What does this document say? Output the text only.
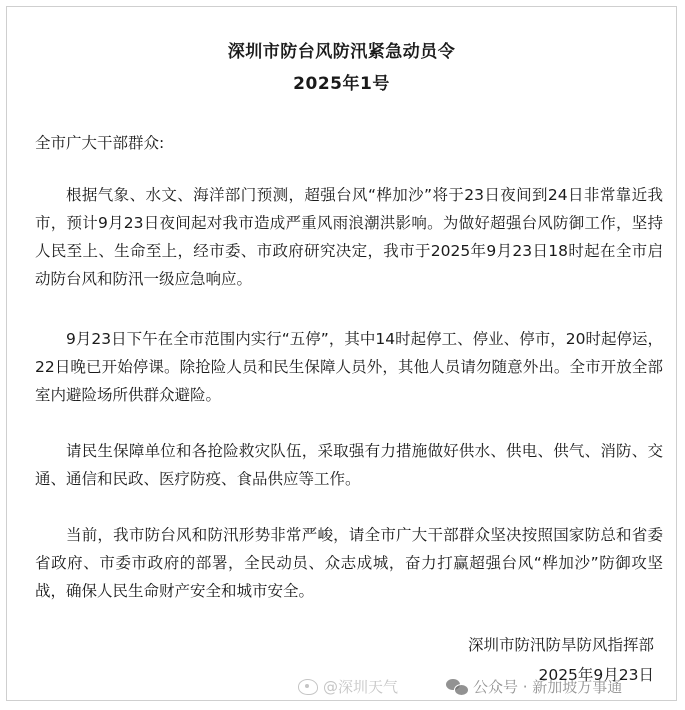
深圳市防台风防汛紧急动员令
2025年1号
全市广大干部群众:

根据气象、水文、海洋部门预测，超强台风“桦加沙”将于23日夜间到24日非常靠近我市，预计9月23日夜间起对我市造成严重风雨浪潮洪影响。为做好超强台风防御工作，坚持人民至上、生命至上，经市委、市政府研究决定，我市于2025年9月23日18时起在全市启动防台风和防汛一级应急响应。

9月23日下午在全市范围内实行“五停”，其中14时起停工、停业、停市，20时起停运，22日晚已开始停课。除抢险人员和民生保障人员外，其他人员请勿随意外出。全市开放全部室内避险场所供群众避险。

请民生保障单位和各抢险救灾队伍，采取强有力措施做好供水、供电、供气、消防、交通、通信和民政、医疗防疫、食品供应等工作。

当前，我市防台风和防汛形势非常严峻，请全市广大干部群众坚决按照国家防总和省委省政府、市委市政府的部署，全民动员、众志成城，奋力打赢超强台风“桦加沙”防御攻坚战，确保人民生命财产安全和城市安全。

深圳市防汛防旱防风指挥部
2025年9月23日
@深圳天气	公众号 · 新加坡万事通
